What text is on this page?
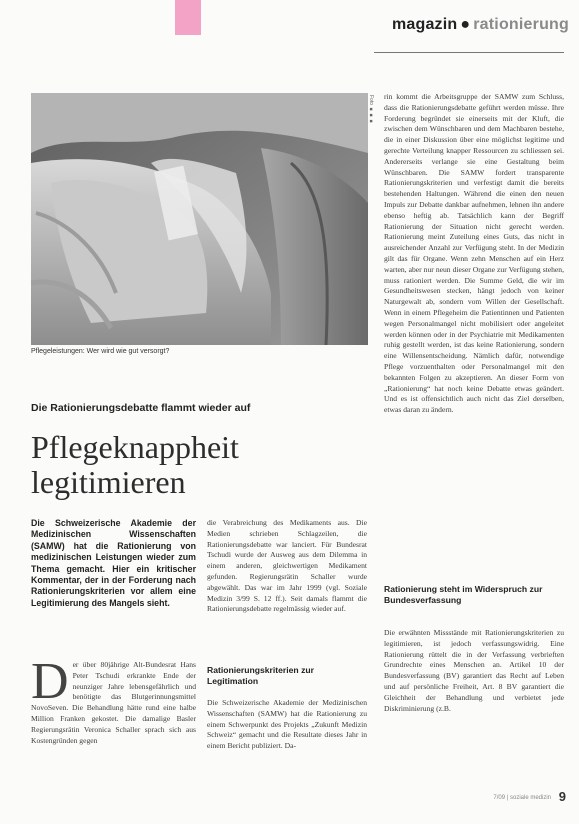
magazin ● rationierung
Foto ■■■
Pflegeleistungen: Wer wird wie gut versorgt?
Die Rationierungsdebatte flammt wieder auf
Pflegeknappheit legitimieren
Die Schweizerische Akademie der Medizinischen Wissenschaften (SAMW) hat die Rationierung von medizinischen Leistungen wieder zum Thema gemacht. Hier ein kritischer Kommentar, der in der Forderung nach Rationierungskriterien vor allem eine Legitimierung des Mangels sieht.

Der über 80jährige Alt-Bundesrat Hans Peter Tschudi erkrankte Ende der neunziger Jahre lebensgefährlich und benötigte das Blutgerinnungsmittel NovoSeven. Die Behandlung hätte rund eine halbe Million Franken gekostet. Die damalige Basler Regierungsrätin Veronica Schaller sprach sich aus Kostengründen gegen

die Verabreichung des Medikaments aus. Die Medien schrieben Schlagzeilen, die Rationierungsdebatte war lanciert. Für Bundesrat Tschudi wurde der Ausweg aus dem Dilemma in einem anderen, gleichwertigen Medikament gefunden. Regierungsrätin Schaller wurde abgewählt. Das war im Jahr 1999 (vgl. Soziale Medizin 3/99 S. 12 ff.). Seit damals flammt die Rationierungsdebatte regelmässig wieder auf.

Rationierungskriterien zur Legitimation

Die Schweizerische Akademie der Medizinischen Wissenschaften (SAMW) hat die Rationierung zu einem Schwerpunkt des Projekts „Zukunft Medizin Schweiz“ gemacht und die Resultate dieses Jahr in einem Bericht publiziert. Da-

rin kommt die Arbeitsgruppe der SAMW zum Schluss, dass die Rationierungsdebatte geführt werden müsse. Ihre Forderung begründet sie einerseits mit der Kluft, die zwischen dem Wünschbaren und dem Machbaren bestehe, die in einer Diskussion über eine möglichst legitime und gerechte Verteilung knapper Ressourcen zu schliessen sei. Andererseits verlange sie eine Gestaltung beim Wünschbaren. Die SAMW fordert transparente Rationierungskriterien und verfestigt damit die bereits bestehenden Haltungen. Während die einen den neuen Impuls zur Debatte dankbar aufnehmen, lehnen ihn andere ebenso heftig ab. Tatsächlich kann der Begriff Rationierung der Situation nicht gerecht werden. Rationierung meint Zuteilung eines Guts, das nicht in ausreichender Anzahl zur Verfügung steht. In der Medizin gilt das für Organe. Wenn zehn Menschen auf ein Herz warten, aber nur neun dieser Organe zur Verfügung stehen, muss rationiert werden. Die Summe Geld, die wir im Gesundheitswesen stecken, hängt jedoch von keiner Naturgewalt ab, sondern vom Willen der Gesellschaft. Wenn in einem Pflegeheim die Patientinnen und Patienten wegen Personalmangel nicht mobilisiert oder angeleitet werden können oder in der Psychiatrie mit Medikamenten ruhig gestellt werden, ist das keine Rationierung, sondern eine Willensentscheidung. Nämlich dafür, notwendige Pflege vorzuenthalten oder Personalmangel mit den bekannten Folgen zu akzeptieren. An dieser Form von „Rationierung“ hat noch keine Debatte etwas geändert. Und es ist offensichtlich auch nicht das Ziel derselben, etwas daran zu ändern.

Rationierung steht im Widerspruch zur Bundesverfassung

Die erwähnten Missstände mit Rationierungskriterien zu legitimieren, ist jedoch verfassungswidrig. Eine Rationierung rüttelt die in der Verfassung verbrieften Grundrechte eines Menschen an. Artikel 10 der Bundesverfassung (BV) garantiert das Recht auf Leben und auf persönliche Freiheit, Art. 8 BV garantiert die Gleichheit der Behandlung und verbietet jede Diskriminierung (z.B.

7/09 | soziale medizin 9
